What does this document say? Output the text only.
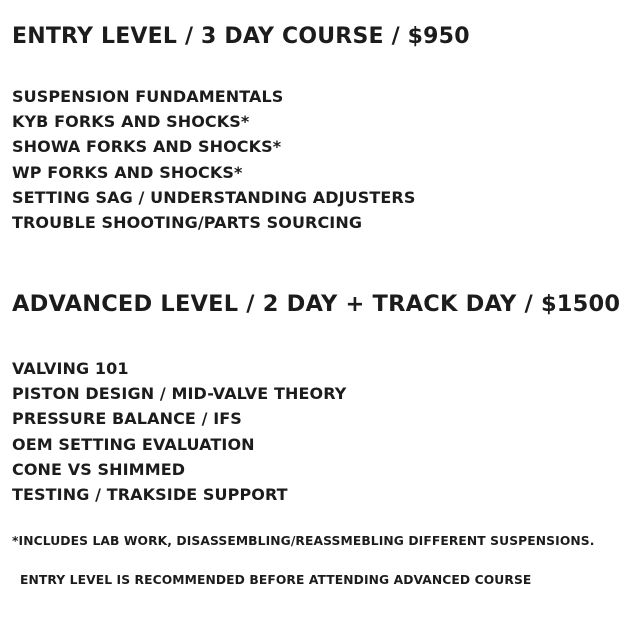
ENTRY LEVEL / 3 DAY COURSE / $950
SUSPENSION FUNDAMENTALS
KYB FORKS AND SHOCKS*
SHOWA FORKS AND SHOCKS*
WP FORKS AND SHOCKS*
SETTING SAG / UNDERSTANDING ADJUSTERS
TROUBLE SHOOTING/PARTS SOURCING
ADVANCED LEVEL / 2 DAY + TRACK DAY / $1500
VALVING 101
PISTON DESIGN / MID-VALVE THEORY
PRESSURE BALANCE / IFS
OEM SETTING EVALUATION
CONE VS SHIMMED
TESTING / TRAKSIDE SUPPORT

*INCLUDES LAB WORK, DISASSEMBLING/REASSMEBLING DIFFERENT SUSPENSIONS.

ENTRY LEVEL IS RECOMMENDED BEFORE ATTENDING ADVANCED COURSE
